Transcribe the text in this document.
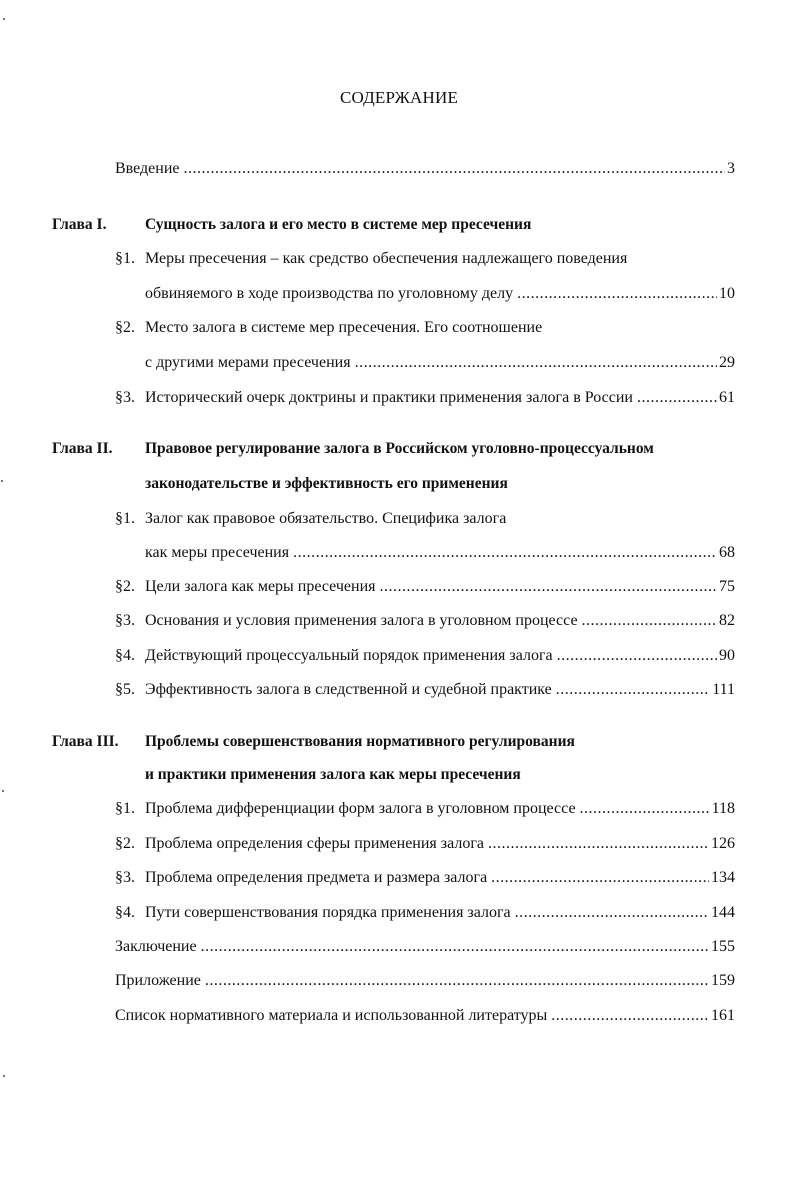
СОДЕРЖАНИЕ
Введение .....	3
Глава I. Сущность залога и его место в системе мер пресечения
§1. Меры пресечения – как средство обеспечения надлежащего поведения
обвиняемого в ходе производства по уголовному делу .....	10
§2. Место залога в системе мер пресечения. Его соотношение
с другими мерами пресечения .....	29
§3. Исторический очерк доктрины и практики применения залога в России .....	61
Глава II. Правовое регулирование залога в Российском уголовно-процессуальном
законодательстве и эффективность его применения
§1. Залог как правовое обязательство. Специфика залога
как меры пресечения .....	68
§2. Цели залога как меры пресечения .....	75
§3. Основания и условия применения залога в уголовном процессе .....	82
§4. Действующий процессуальный порядок применения залога .....	90
§5. Эффективность залога в следственной и судебной практике .....	111
Глава III. Проблемы совершенствования нормативного регулирования
и практики применения залога как меры пресечения
§1. Проблема дифференциации форм залога в уголовном процессе .....	118
§2. Проблема определения сферы применения залога .....	126
§3. Проблема определения предмета и размера залога .....	134
§4. Пути совершенствования порядка применения залога .....	144
Заключение .....	155
Приложение .....	159
Список нормативного материала и использованной литературы .....	161
